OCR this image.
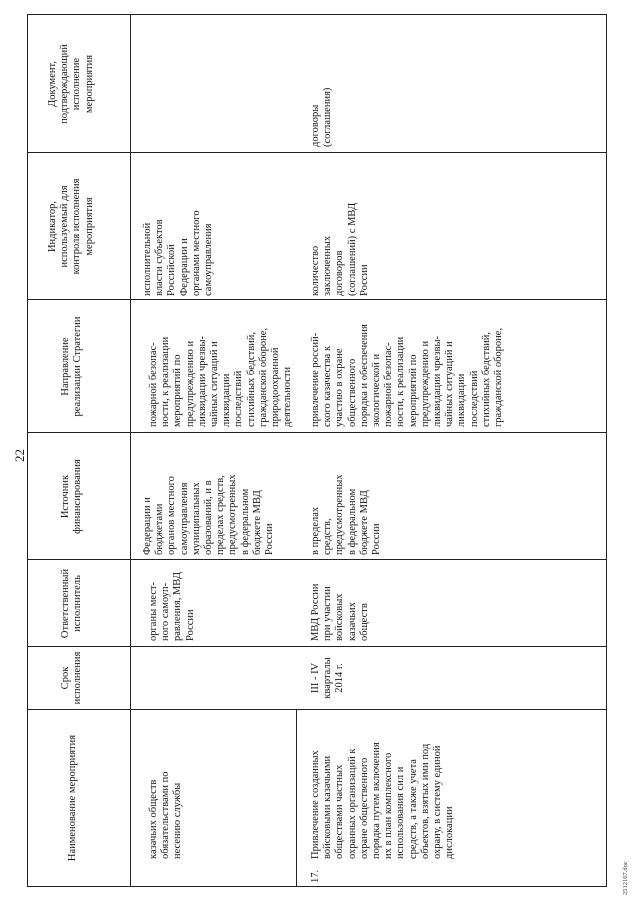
22
Наименование мероприятия
Срок
исполнения
Ответственный
исполнитель
Источник
финансирования
Направление
реализации Стратегии
Индикатор,
используемый для
контроля исполнения
мероприятия
Документ,
подтверждающий
исполнение
мероприятия
казачьих обществ
обязательствами по
несению службы
органы мест-
ного самоуп-
равления, МВД
России
Федерации и
бюджетами
органов местного
самоуправления
муниципальных
образований, и в
пределах средств,
предусмотренных
в федеральном
бюджете МВД
России
пожарной безопас-
ности, к реализации
мероприятий по
предупреждению и
ликвидации чрезвы-
чайных ситуаций и
ликвидации
последствий
стихийных бедствий,
гражданской обороне,
природоохранной
деятельности
исполнительной
власти субъектов
Российской
Федерации и
органами местного
самоуправления
17.
Привлечение созданных
войсковыми казачьими
обществами частных
охранных организаций к
охране общественного
порядка путем включения
их в план комплексного
использования сил и
средств, а также учета
объектов, взятых ими под
охрану, в систему единой
дислокации
III - IV
кварталы
2014 г.
МВД России
при участии
войсковых
казачьих
обществ
в пределах
средств,
предусмотренных
в федеральном
бюджете МВД
России
привлечение россий-
ского казачества к
участию в охране
общественного
порядка и обеспечения
экологической и
пожарной безопас-
ности, к реализации
мероприятий по
предупреждению и
ликвидации чрезвы-
чайных ситуаций и
ликвидации
последствий
стихийных бедствий,
гражданской обороне,
количество
заключенных
договоров
(соглашений) с МВД
России
договоры
(соглашения)
2512167.doc
